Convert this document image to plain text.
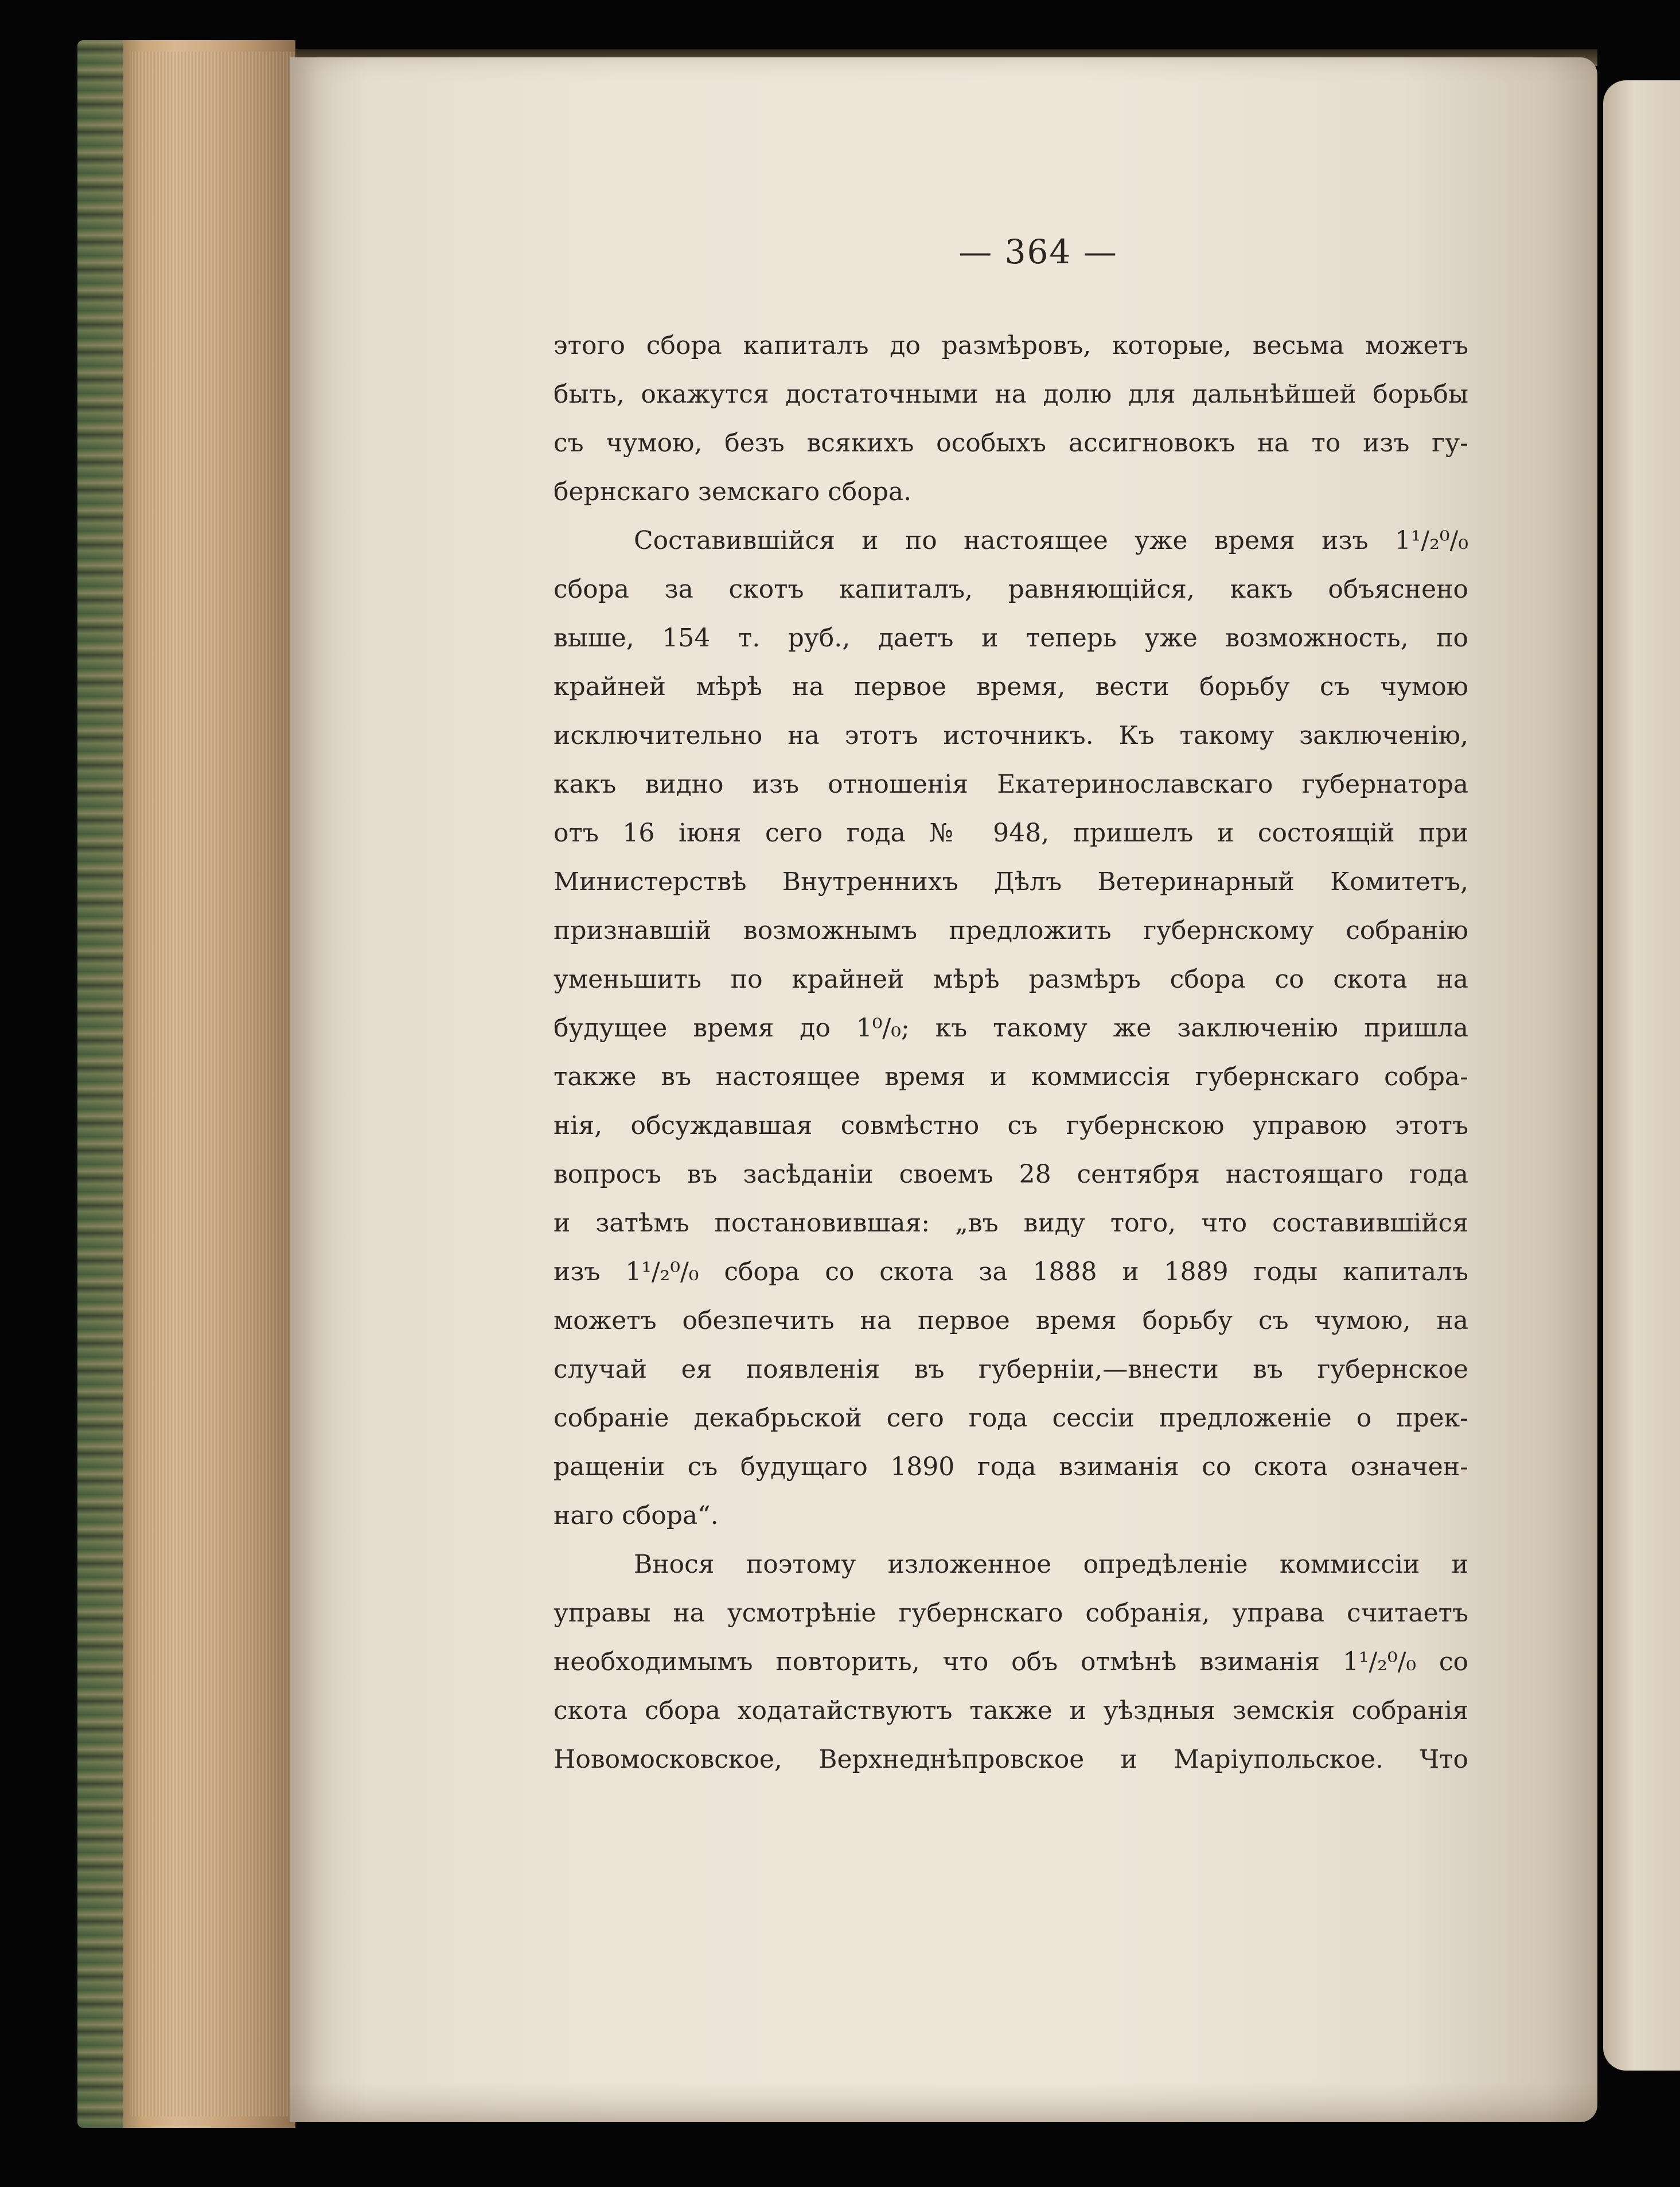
— 364 —
этого сбора капиталъ до размѣровъ, которые, весьма можетъ
быть, окажутся достаточными на долю для дальнѣйшей борьбы
съ чумою, безъ всякихъ особыхъ ассигновокъ на то изъ гу-
бернскаго земскаго сбора.
Составившійся и по настоящее уже время изъ 1¹/₂⁰/₀
сбора за скотъ капиталъ, равняющійся, какъ объяснено
выше, 154 т. руб., даетъ и теперь уже возможность, по
крайней мѣрѣ на первое время, вести борьбу съ чумою
исключительно на этотъ источникъ. Къ такому заключенію,
какъ видно изъ отношенія Екатеринославскаго губернатора
отъ 16 іюня сего года № 948, пришелъ и состоящій при
Министерствѣ Внутреннихъ Дѣлъ Ветеринарный Комитетъ,
признавшій возможнымъ предложить губернскому собранію
уменьшить по крайней мѣрѣ размѣръ сбора со скота на
будущее время до 1⁰/₀; къ такому же заключенію пришла
также въ настоящее время и коммиссія губернскаго собра-
нія, обсуждавшая совмѣстно съ губернскою управою этотъ
вопросъ въ засѣданіи своемъ 28 сентября настоящаго года
и затѣмъ постановившая: „въ виду того, что составившійся
изъ 1¹/₂⁰/₀ сбора со скота за 1888 и 1889 годы капиталъ
можетъ обезпечить на первое время борьбу съ чумою, на
случай ея появленія въ губерніи,—внести въ губернское
собраніе декабрьской сего года сессіи предложеніе о прек-
ращеніи съ будущаго 1890 года взиманія со скота означен-
наго сбора“.
Внося поэтому изложенное опредѣленіе коммиссіи и
управы на усмотрѣніе губернскаго собранія, управа считаетъ
необходимымъ повторить, что объ отмѣнѣ взиманія 1¹/₂⁰/₀ со
скота сбора ходатайствуютъ также и уѣздныя земскія собранія
Новомосковское, Верхнеднѣпровское и Маріупольское. Что
